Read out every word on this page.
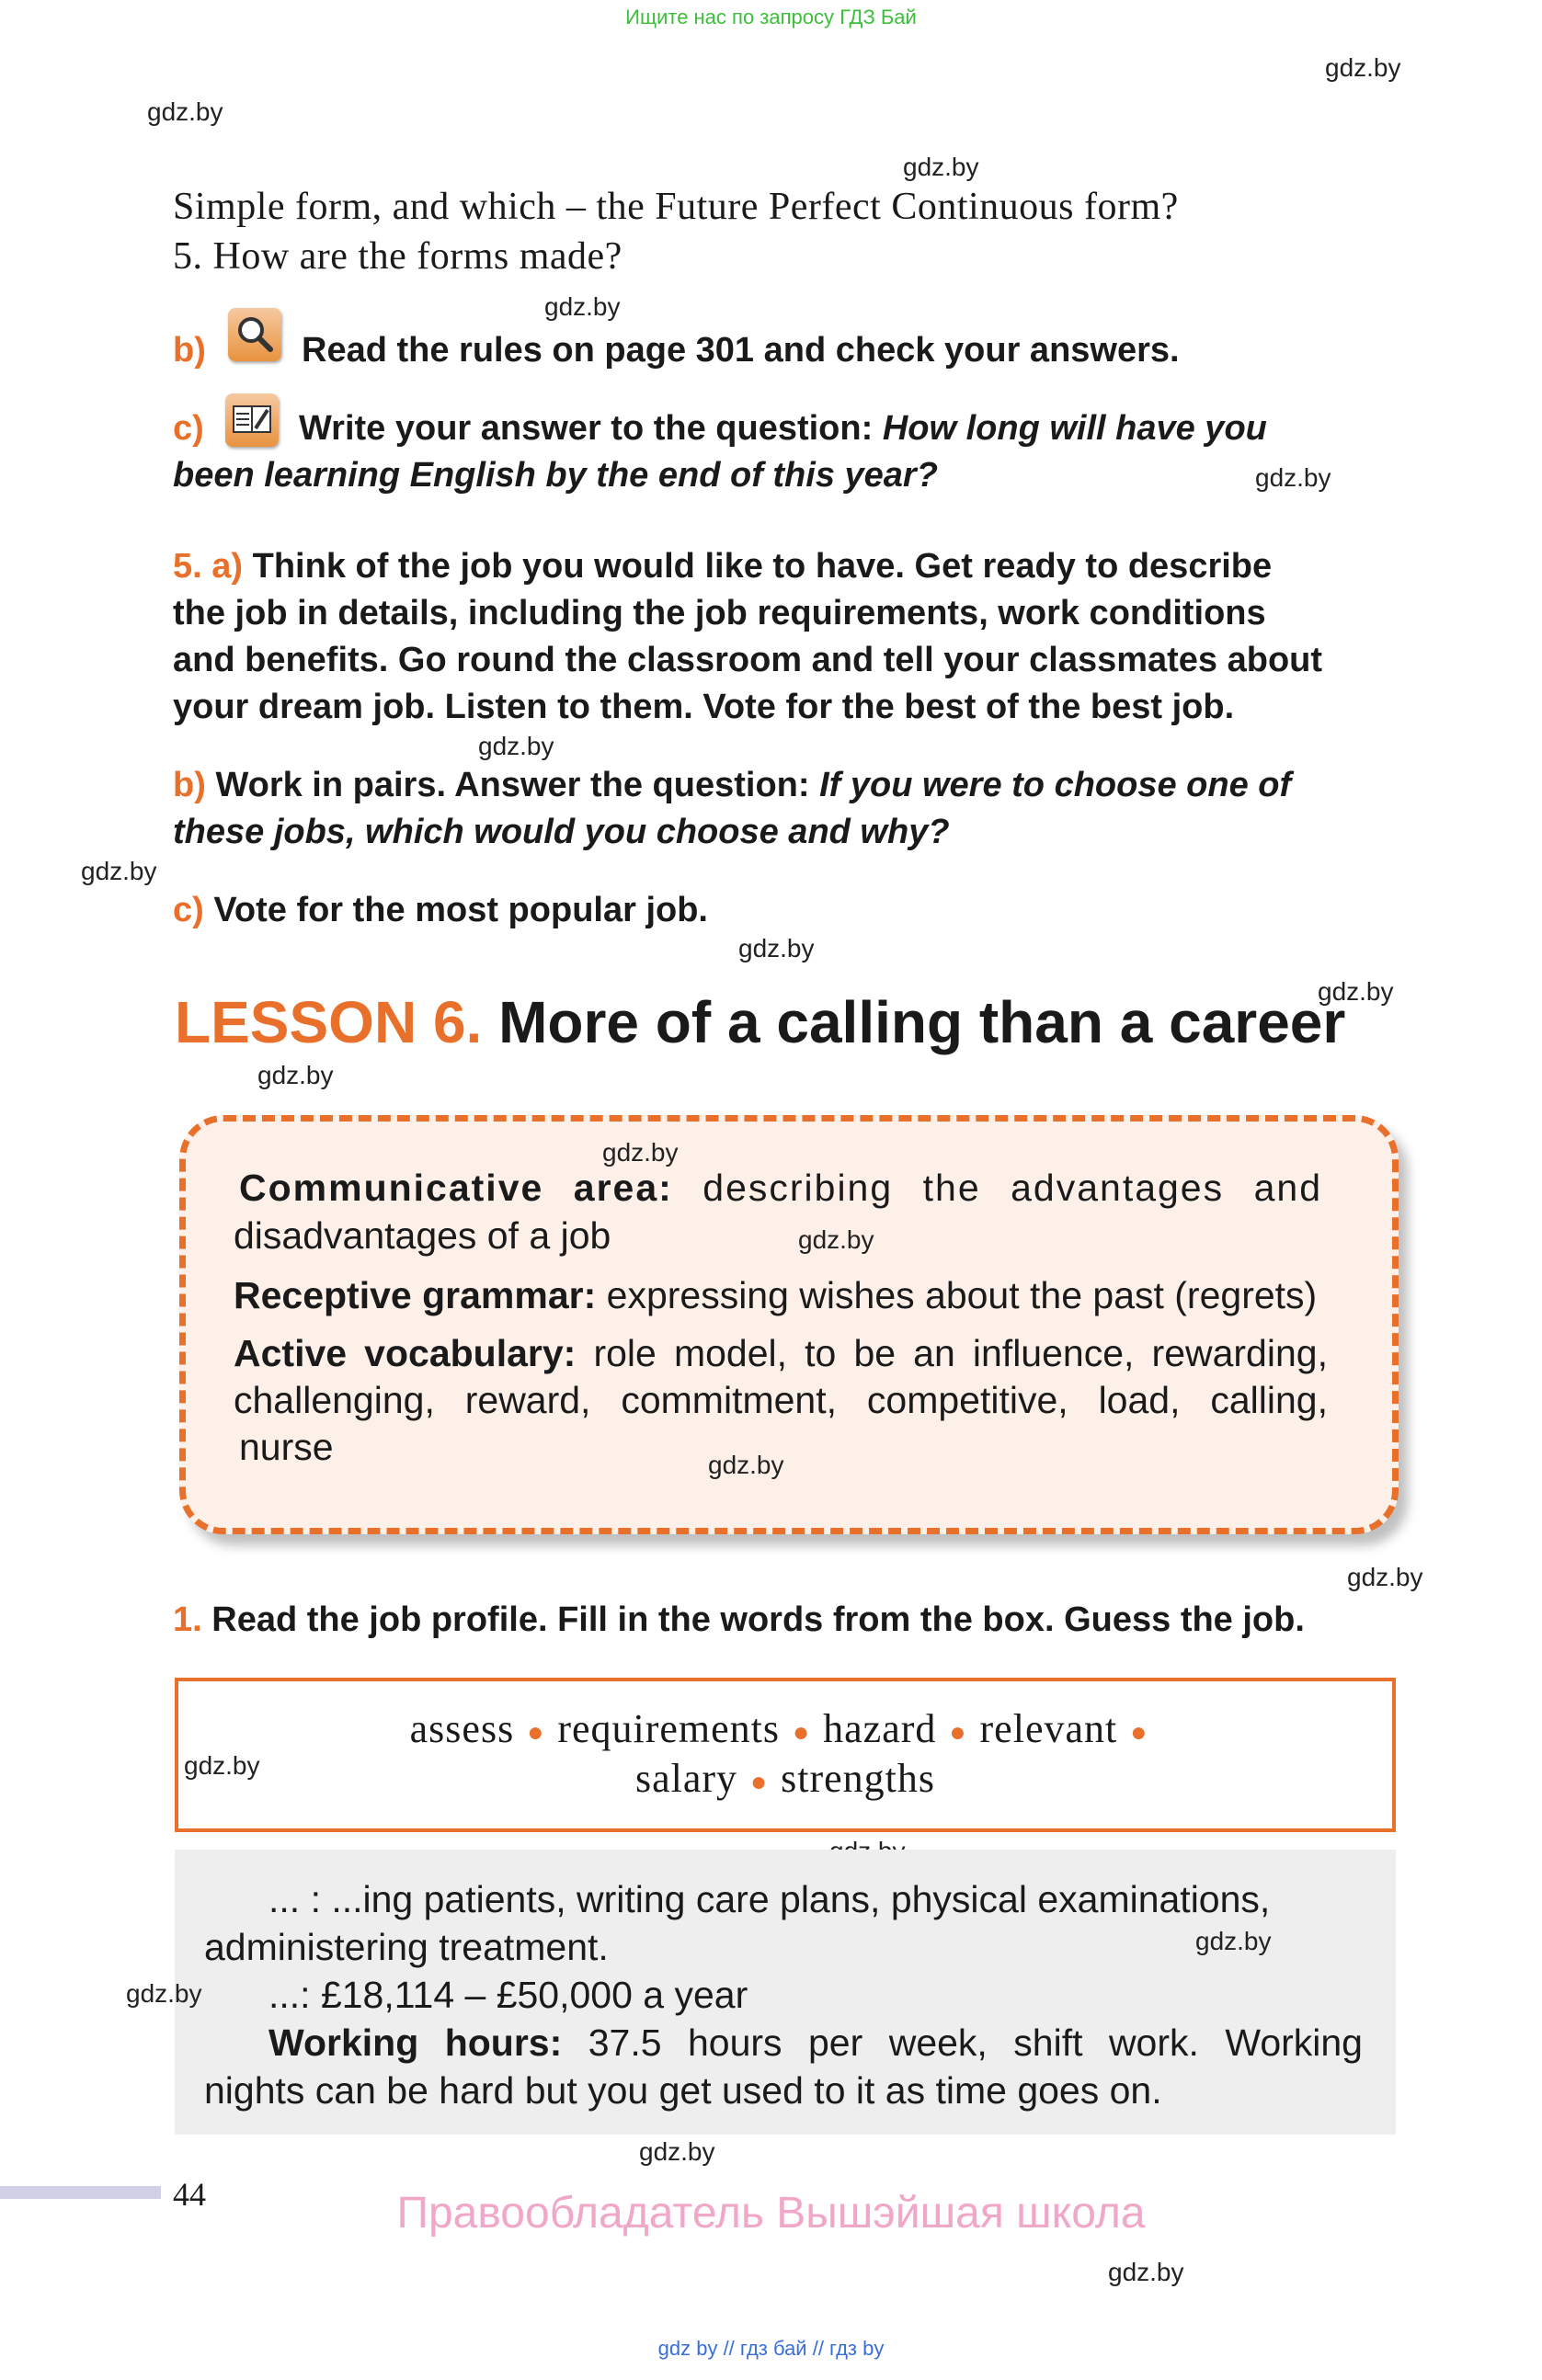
Ищите нас по запросу ГДЗ Бай
gdz.by
gdz.by
gdz.by
gdz.by
gdz.by
gdz.by
gdz.by
gdz.by
gdz.by
gdz.by
Simple form, and which – the Future Perfect Continuous form?
5. How are the forms made?
b)	Read the rules on page 301 and check your answers.
c)	Write your answer to the question: How long will have you
been learning English by the end of this year?
5. a) Think of the job you would like to have. Get ready to describe
the job in details, including the job requirements, work conditions
and benefits. Go round the classroom and tell your classmates about
your dream job. Listen to them. Vote for the best of the best job.
b) Work in pairs. Answer the question: If you were to choose one of
these jobs, which would you choose and why?
c) Vote for the most popular job.
LESSON 6. More of a calling than a career
gdz.by
Communicative area: describing the advantages and
disadvantages of a job	gdz.by
Receptive grammar: expressing wishes about the past (regrets)
Active vocabulary: role model, to be an influence, rewarding,
challenging, reward, commitment, competitive, load, calling,
nurse	gdz.by
gdz.by
1. Read the job profile. Fill in the words from the box. Guess the job.
assess ● requirements ● hazard ● relevant ●
salary ● strengths
gdz.by
... : ...ing patients, writing care plans, physical examinations,
administering treatment.	gdz.by
gdz.by ...: £18,114 – £50,000 a year
Working hours: 37.5 hours per week, shift work. Working
nights can be hard but you get used to it as time goes on.
gdz.by
44	Правообладатель Вышэйшая школа
gdz.by
gdz by // гдз бай // гдз by
